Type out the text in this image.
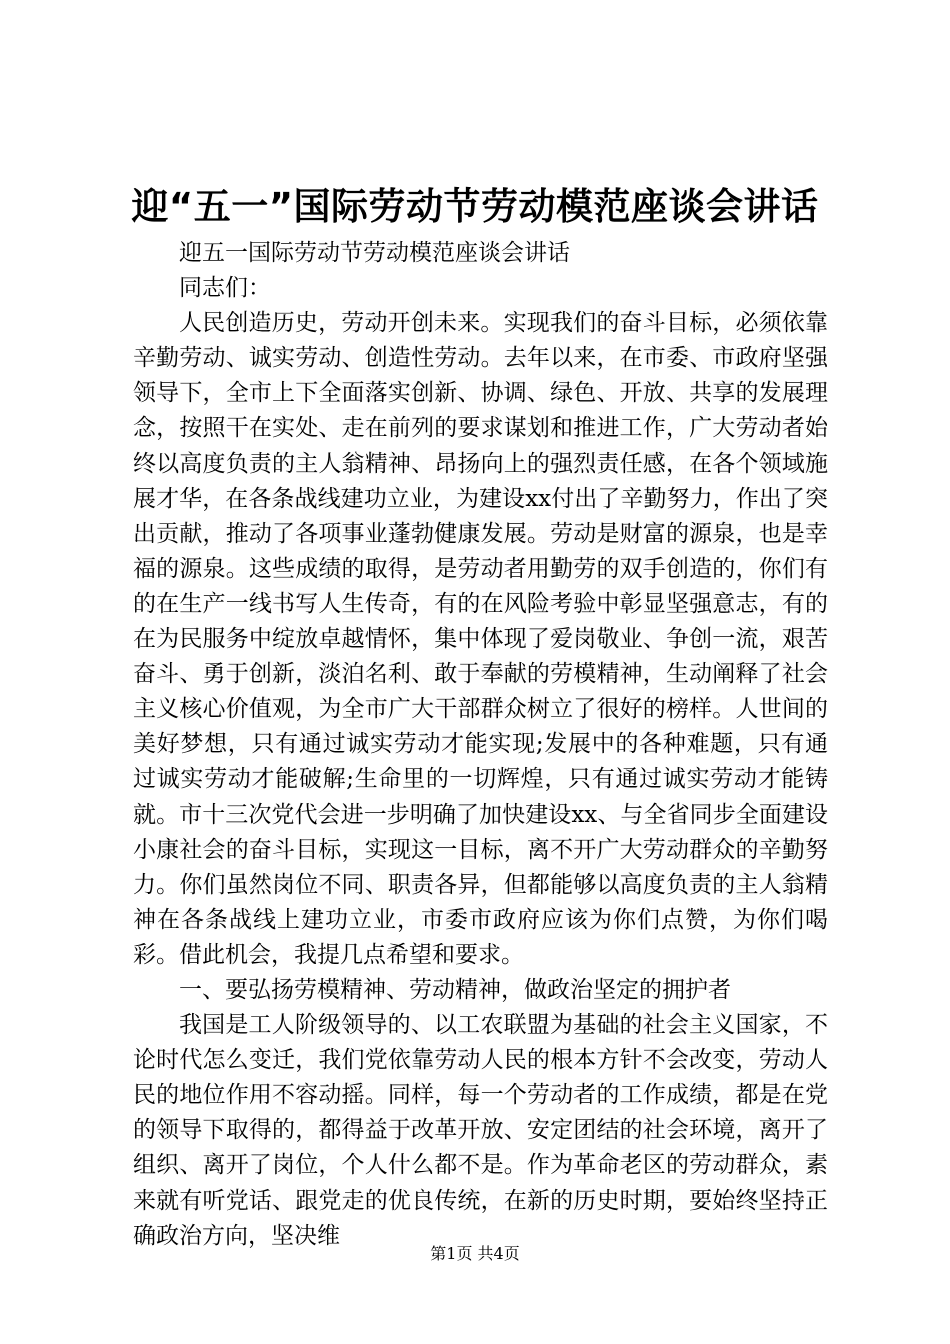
迎“五一”国际劳动节劳动模范座谈会讲话

迎五一国际劳动节劳动模范座谈会讲话

同志们：

人民创造历史，劳动开创未来。实现我们的奋斗目标，必须依靠辛勤劳动、诚实劳动、创造性劳动。去年以来，在市委、市政府坚强领导下，全市上下全面落实创新、协调、绿色、开放、共享的发展理念，按照干在实处、走在前列的要求谋划和推进工作，广大劳动者始终以高度负责的主人翁精神、昂扬向上的强烈责任感，在各个领域施展才华，在各条战线建功立业，为建设xx付出了辛勤努力，作出了突出贡献，推动了各项事业蓬勃健康发展。劳动是财富的源泉，也是幸福的源泉。这些成绩的取得，是劳动者用勤劳的双手创造的，你们有的在生产一线书写人生传奇，有的在风险考验中彰显坚强意志，有的在为民服务中绽放卓越情怀，集中体现了爱岗敬业、争创一流，艰苦奋斗、勇于创新，淡泊名利、敢于奉献的劳模精神，生动阐释了社会主义核心价值观，为全市广大干部群众树立了很好的榜样。人世间的美好梦想，只有通过诚实劳动才能实现;发展中的各种难题，只有通过诚实劳动才能破解;生命里的一切辉煌，只有通过诚实劳动才能铸就。市十三次党代会进一步明确了加快建设xx、与全省同步全面建设小康社会的奋斗目标，实现这一目标，离不开广大劳动群众的辛勤努力。你们虽然岗位不同、职责各异，但都能够以高度负责的主人翁精神在各条战线上建功立业，市委市政府应该为你们点赞，为你们喝彩。借此机会，我提几点希望和要求。

一、要弘扬劳模精神、劳动精神，做政治坚定的拥护者

我国是工人阶级领导的、以工农联盟为基础的社会主义国家，不论时代怎么变迁，我们党依靠劳动人民的根本方针不会改变，劳动人民的地位作用不容动摇。同样，每一个劳动者的工作成绩，都是在党的领导下取得的，都得益于改革开放、安定团结的社会环境，离开了组织、离开了岗位，个人什么都不是。作为革命老区的劳动群众，素来就有听党话、跟党走的优良传统，在新的历史时期，要始终坚持正确政治方向，坚决维

第1页 共4页
